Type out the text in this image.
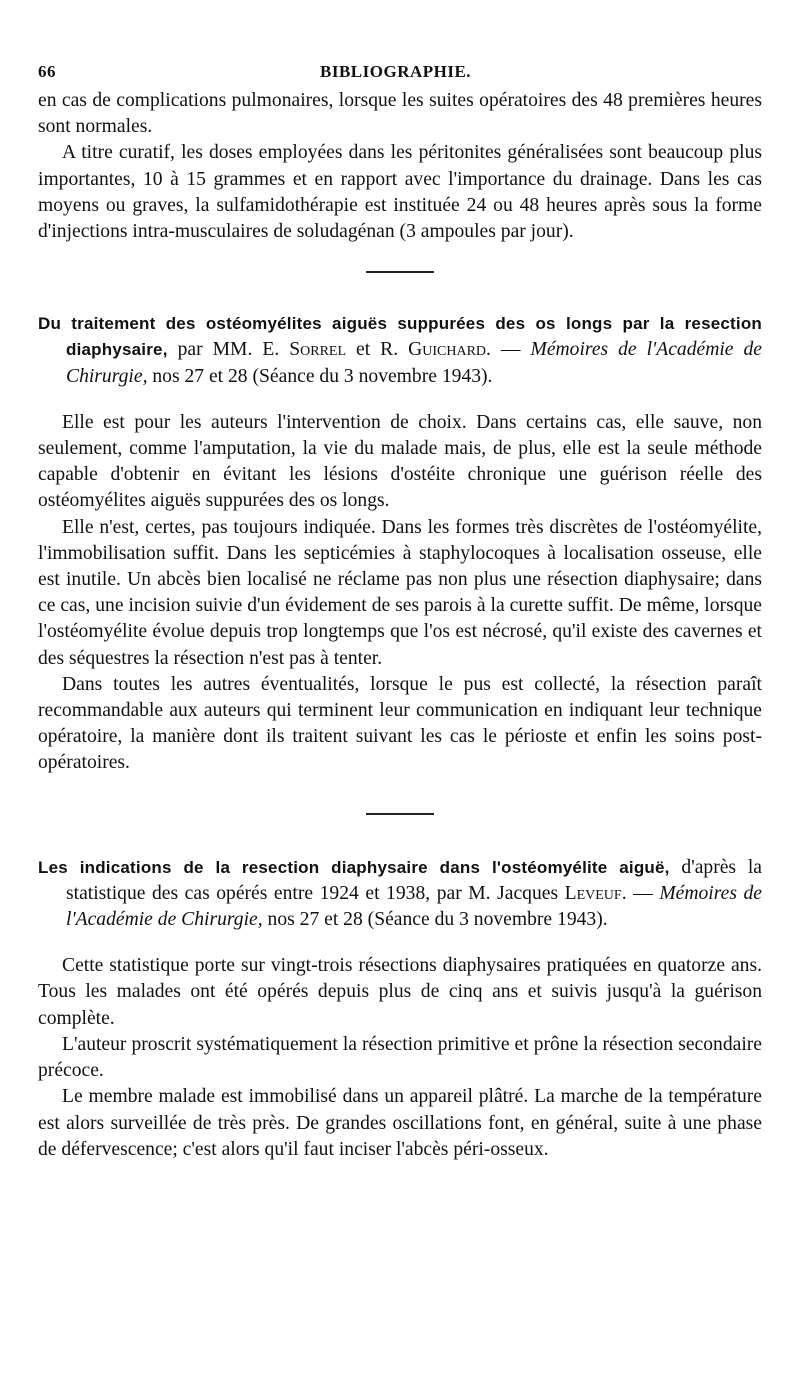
66	BIBLIOGRAPHIE.

en cas de complications pulmonaires, lorsque les suites opératoires des 48 premières heures sont normales.

A titre curatif, les doses employées dans les péritonites généralisées sont beaucoup plus importantes, 10 à 15 grammes et en rapport avec l'importance du drainage. Dans les cas moyens ou graves, la sulfamidothérapie est instituée 24 ou 48 heures après sous la forme d'injections intra-musculaires de soludagénan (3 ampoules par jour).

Du traitement des ostéomyélites aiguës suppurées des os longs par la resection diaphysaire, par MM. E. Sorrel et R. Guichard. — Mémoires de l'Académie de Chirurgie, nos 27 et 28 (Séance du 3 novembre 1943).

Elle est pour les auteurs l'intervention de choix. Dans certains cas, elle sauve, non seulement, comme l'amputation, la vie du malade mais, de plus, elle est la seule méthode capable d'obtenir en évitant les lésions d'ostéite chronique une guérison réelle des ostéomyélites aiguës suppurées des os longs.

Elle n'est, certes, pas toujours indiquée. Dans les formes très discrètes de l'ostéomyélite, l'immobilisation suffit. Dans les septicémies à staphylocoques à localisation osseuse, elle est inutile. Un abcès bien localisé ne réclame pas non plus une résection diaphysaire; dans ce cas, une incision suivie d'un évidement de ses parois à la curette suffit. De même, lorsque l'ostéomyélite évolue depuis trop longtemps que l'os est nécrosé, qu'il existe des cavernes et des séquestres la résection n'est pas à tenter.

Dans toutes les autres éventualités, lorsque le pus est collecté, la résection paraît recommandable aux auteurs qui terminent leur communication en indiquant leur technique opératoire, la manière dont ils traitent suivant les cas le périoste et enfin les soins post-opératoires.

Les indications de la resection diaphysaire dans l'ostéomyélite aiguë, d'après la statistique des cas opérés entre 1924 et 1938, par M. Jacques Leveuf. — Mémoires de l'Académie de Chirurgie, nos 27 et 28 (Séance du 3 novembre 1943).

Cette statistique porte sur vingt-trois résections diaphysaires pratiquées en quatorze ans. Tous les malades ont été opérés depuis plus de cinq ans et suivis jusqu'à la guérison complète.

L'auteur proscrit systématiquement la résection primitive et prône la résection secondaire précoce.

Le membre malade est immobilisé dans un appareil plâtré. La marche de la température est alors surveillée de très près. De grandes oscillations font, en général, suite à une phase de défervescence; c'est alors qu'il faut inciser l'abcès péri-osseux.
